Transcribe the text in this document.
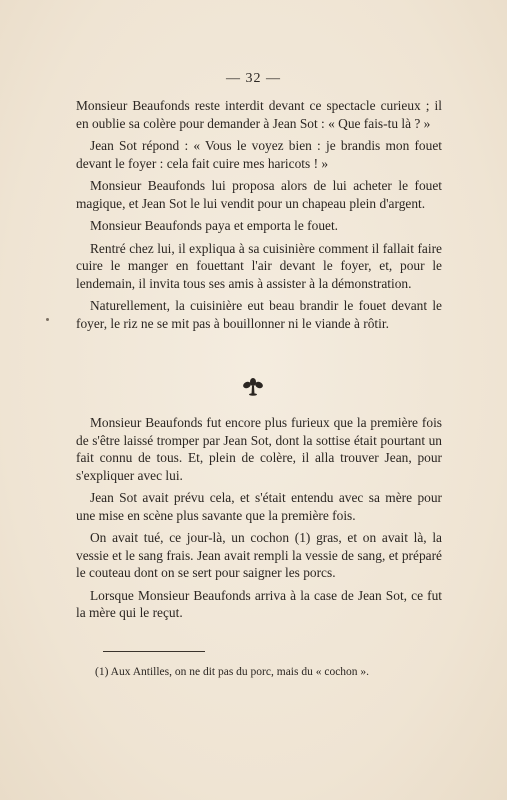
— 32 —

Monsieur Beaufonds reste interdit devant ce spectacle curieux ; il en oublie sa colère pour demander à Jean Sot : « Que fais-tu là ? »

Jean Sot répond : « Vous le voyez bien : je brandis mon fouet devant le foyer : cela fait cuire mes haricots ! »

Monsieur Beaufonds lui proposa alors de lui acheter le fouet magique, et Jean Sot le lui vendit pour un chapeau plein d'argent.

Monsieur Beaufonds paya et emporta le fouet.

Rentré chez lui, il expliqua à sa cuisinière comment il fallait faire cuire le manger en fouettant l'air devant le foyer, et, pour le lendemain, il invita tous ses amis à assister à la démonstration.

Naturellement, la cuisinière eut beau brandir le fouet devant le foyer, le riz ne se mit pas à bouillonner ni le viande à rôtir.

Monsieur Beaufonds fut encore plus furieux que la première fois de s'être laissé tromper par Jean Sot, dont la sottise était pourtant un fait connu de tous. Et, plein de colère, il alla trouver Jean, pour s'expliquer avec lui.

Jean Sot avait prévu cela, et s'était entendu avec sa mère pour une mise en scène plus savante que la première fois.

On avait tué, ce jour-là, un cochon (1) gras, et on avait là, la vessie et le sang frais. Jean avait rempli la vessie de sang, et préparé le couteau dont on se sert pour saigner les porcs.

Lorsque Monsieur Beaufonds arriva à la case de Jean Sot, ce fut la mère qui le reçut.

(1) Aux Antilles, on ne dit pas du porc, mais du « cochon ».
